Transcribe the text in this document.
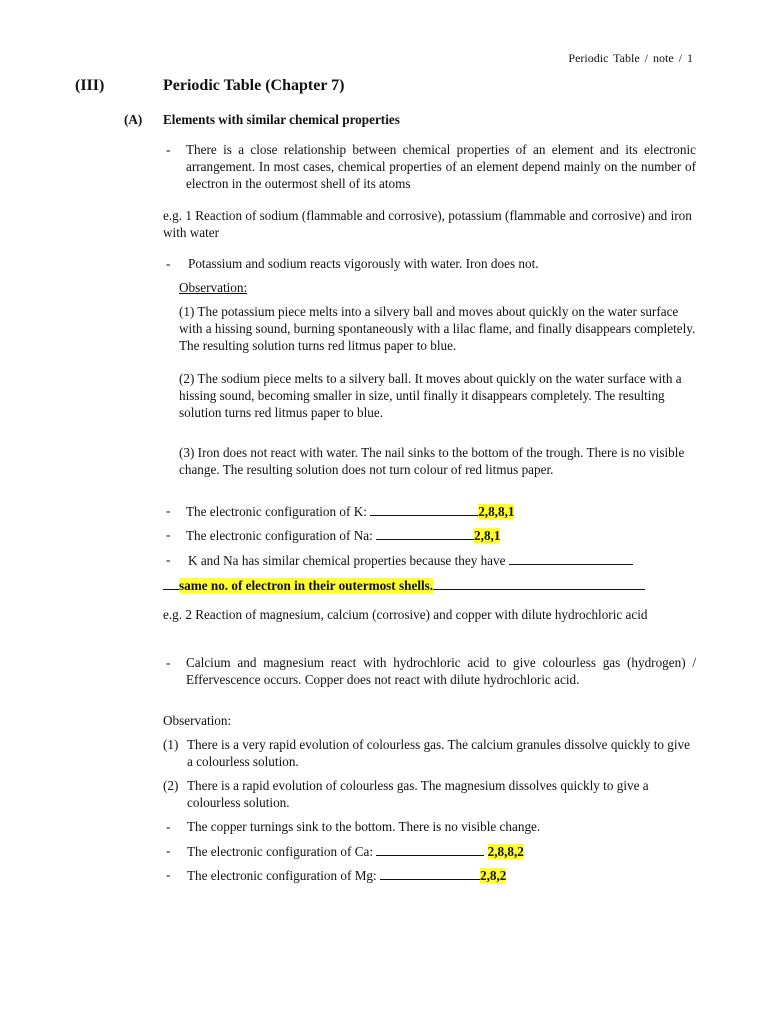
Periodic Table / note / 1
(III)	Periodic Table (Chapter 7)
(A) Elements with similar chemical properties
- There is a close relationship between chemical properties of an element and its electronic arrangement. In most cases, chemical properties of an element depend mainly on the number of electron in the outermost shell of its atoms
e.g. 1 Reaction of sodium (flammable and corrosive), potassium (flammable and corrosive) and iron with water
- Potassium and sodium reacts vigorously with water. Iron does not.
Observation:
(1) The potassium piece melts into a silvery ball and moves about quickly on the water surface with a hissing sound, burning spontaneously with a lilac flame, and finally disappears completely. The resulting solution turns red litmus paper to blue.
(2) The sodium piece melts to a silvery ball. It moves about quickly on the water surface with a hissing sound, becoming smaller in size, until finally it disappears completely. The resulting solution turns red litmus paper to blue.
(3) Iron does not react with water. The nail sinks to the bottom of the trough. There is no visible change. The resulting solution does not turn colour of red litmus paper.
- The electronic configuration of K:	2,8,8,1
- The electronic configuration of Na:	2,8,1
- K and Na has similar chemical properties because they have
same no. of electron in their outermost shells.
e.g. 2 Reaction of magnesium, calcium (corrosive) and copper with dilute hydrochloric acid
- Calcium and magnesium react with hydrochloric acid to give colourless gas (hydrogen) / Effervescence occurs. Copper does not react with dilute hydrochloric acid.
Observation:
(1) There is a very rapid evolution of colourless gas. The calcium granules dissolve quickly to give a colourless solution.
(2) There is a rapid evolution of colourless gas. The magnesium dissolves quickly to give a colourless solution.
- The copper turnings sink to the bottom. There is no visible change.
- The electronic configuration of Ca:	2,8,8,2
- The electronic configuration of Mg:	2,8,2
